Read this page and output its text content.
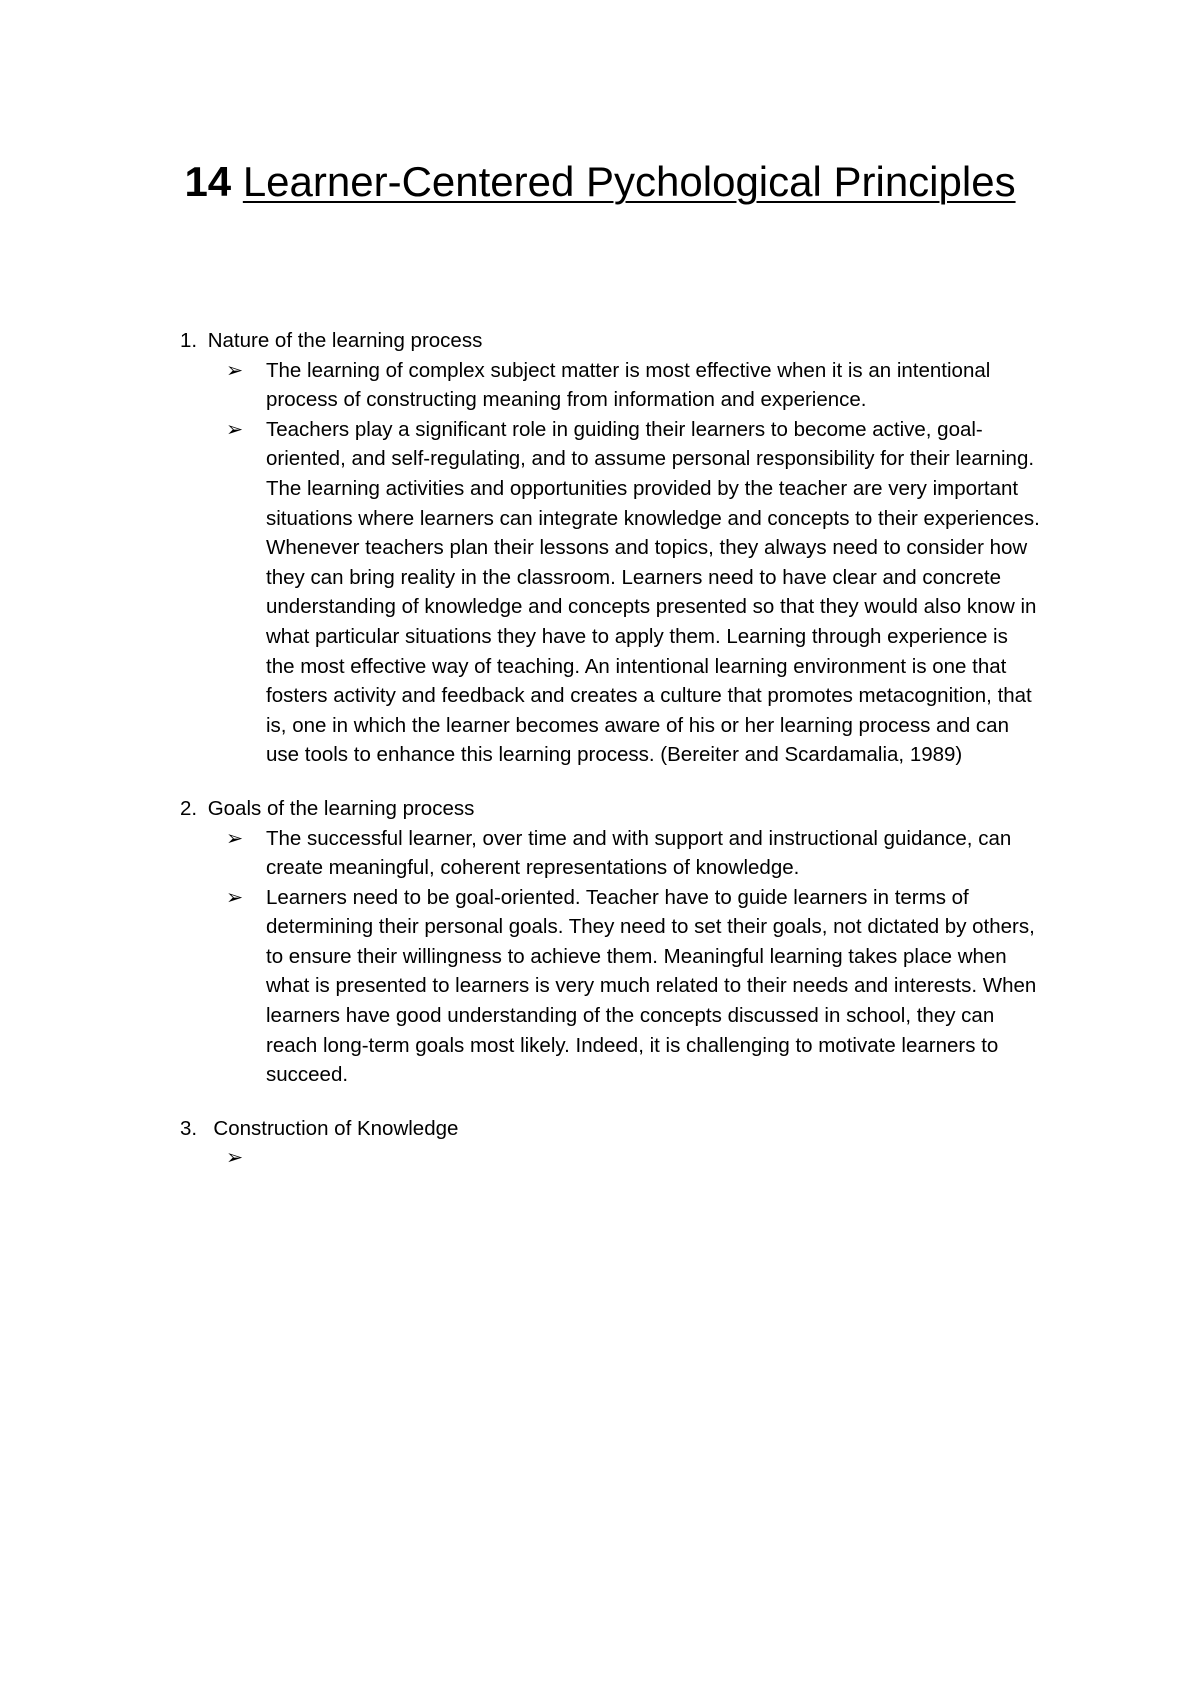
14 Learner-Centered Pychological Principles

1. Nature of the learning process

➢	The learning of complex subject matter is most effective when it is an intentional process of constructing meaning from information and experience.
➢	Teachers play a significant role in guiding their learners to become active, goal-oriented, and self-regulating, and to assume personal responsibility for their learning. The learning activities and opportunities provided by the teacher are very important situations where learners can integrate knowledge and concepts to their experiences. Whenever teachers plan their lessons and topics, they always need to consider how they can bring reality in the classroom. Learners need to have clear and concrete understanding of knowledge and concepts presented so that they would also know in what particular situations they have to apply them. Learning through experience is the most effective way of teaching. An intentional learning environment is one that fosters activity and feedback and creates a culture that promotes metacognition, that is, one in which the learner becomes aware of his or her learning process and can use tools to enhance this learning process. (Bereiter and Scardamalia, 1989)

2. Goals of the learning process

➢	The successful learner, over time and with support and instructional guidance, can create meaningful, coherent representations of knowledge.
➢	Learners need to be goal-oriented. Teacher have to guide learners in terms of determining their personal goals. They need to set their goals, not dictated by others, to ensure their willingness to achieve them. Meaningful learning takes place when what is presented to learners is very much related to their needs and interests. When learners have good understanding of the concepts discussed in school, they can reach long-term goals most likely. Indeed, it is challenging to motivate learners to succeed.

3. Construction of Knowledge

➢
